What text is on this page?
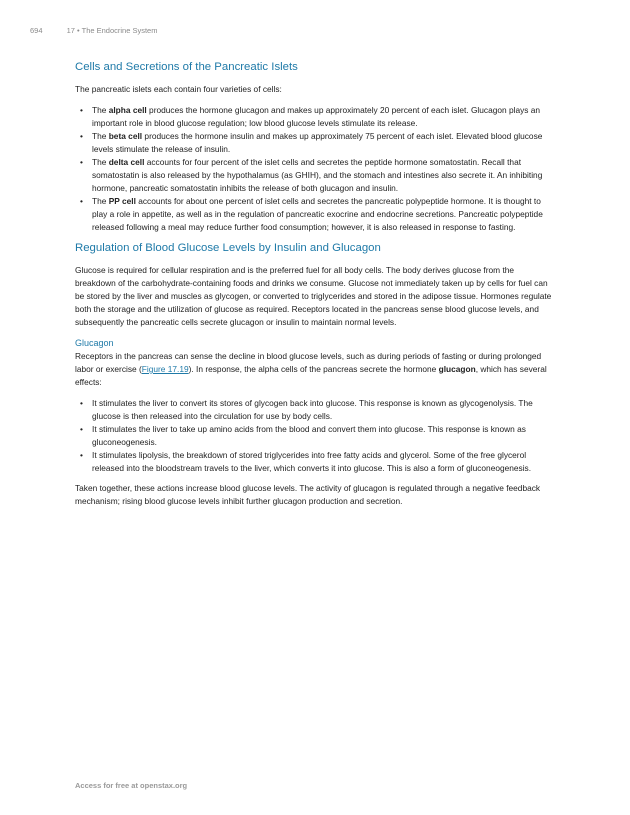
694	17 • The Endocrine System
Cells and Secretions of the Pancreatic Islets

The pancreatic islets each contain four varieties of cells:

• The alpha cell produces the hormone glucagon and makes up approximately 20 percent of each islet. Glucagon plays an important role in blood glucose regulation; low blood glucose levels stimulate its release.
• The beta cell produces the hormone insulin and makes up approximately 75 percent of each islet. Elevated blood glucose levels stimulate the release of insulin.
• The delta cell accounts for four percent of the islet cells and secretes the peptide hormone somatostatin. Recall that somatostatin is also released by the hypothalamus (as GHIH), and the stomach and intestines also secrete it. An inhibiting hormone, pancreatic somatostatin inhibits the release of both glucagon and insulin.
• The PP cell accounts for about one percent of islet cells and secretes the pancreatic polypeptide hormone. It is thought to play a role in appetite, as well as in the regulation of pancreatic exocrine and endocrine secretions. Pancreatic polypeptide released following a meal may reduce further food consumption; however, it is also released in response to fasting.
Regulation of Blood Glucose Levels by Insulin and Glucagon

Glucose is required for cellular respiration and is the preferred fuel for all body cells. The body derives glucose from the breakdown of the carbohydrate-containing foods and drinks we consume. Glucose not immediately taken up by cells for fuel can be stored by the liver and muscles as glycogen, or converted to triglycerides and stored in the adipose tissue. Hormones regulate both the storage and the utilization of glucose as required. Receptors located in the pancreas sense blood glucose levels, and subsequently the pancreatic cells secrete glucagon or insulin to maintain normal levels.

Glucagon

Receptors in the pancreas can sense the decline in blood glucose levels, such as during periods of fasting or during prolonged labor or exercise (Figure 17.19). In response, the alpha cells of the pancreas secrete the hormone glucagon, which has several effects:

• It stimulates the liver to convert its stores of glycogen back into glucose. This response is known as glycogenolysis. The glucose is then released into the circulation for use by body cells.
• It stimulates the liver to take up amino acids from the blood and convert them into glucose. This response is known as gluconeogenesis.
• It stimulates lipolysis, the breakdown of stored triglycerides into free fatty acids and glycerol. Some of the free glycerol released into the bloodstream travels to the liver, which converts it into glucose. This is also a form of gluconeogenesis.

Taken together, these actions increase blood glucose levels. The activity of glucagon is regulated through a negative feedback mechanism; rising blood glucose levels inhibit further glucagon production and secretion.

Access for free at openstax.org
